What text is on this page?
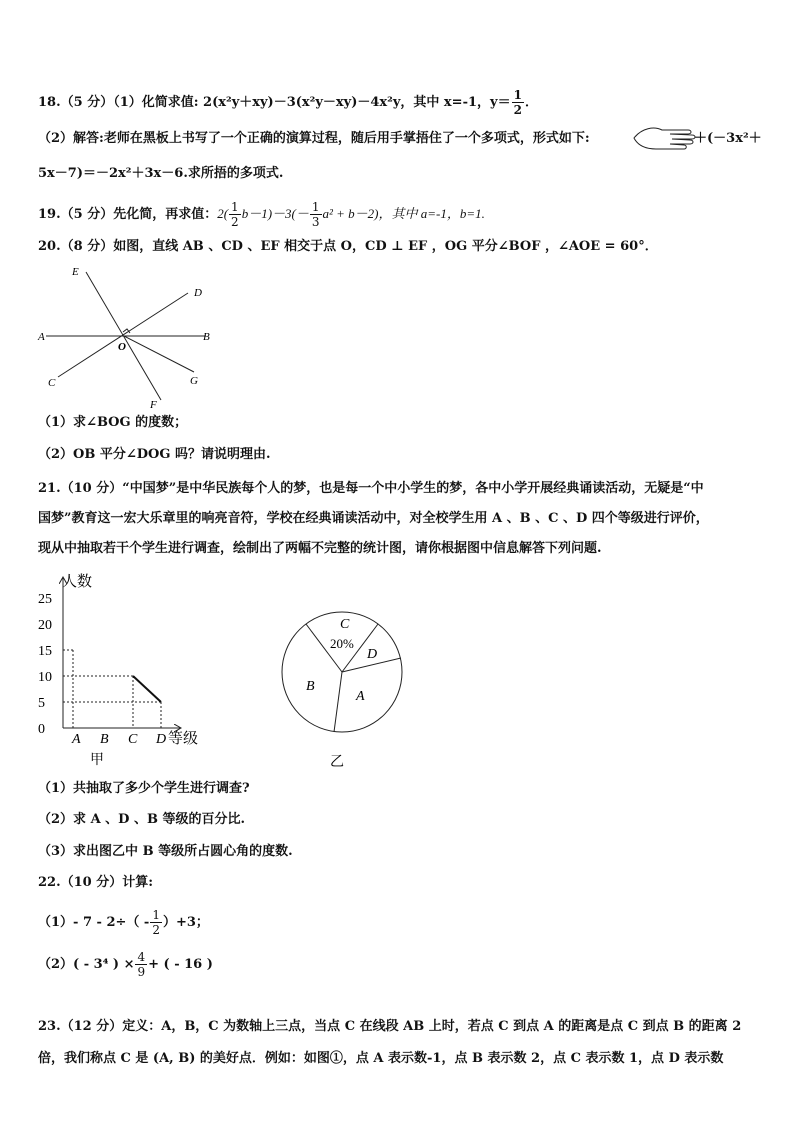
18.（5 分）（1）化简求值: 2(x²y＋xy)－3(x²y－xy)－4x²y，其中 x=-1，$y= \frac{1}{2}$ ．
（2）解答:老师在黑板上书写了一个正确的演算过程，随后用手掌捂住了一个多项式，形式如下:	＋(－3x²＋
5x－7)＝－2x²＋3x－6.求所捂的多项式.
19.（5 分）先化简，再求值：$2( \frac{1}{2} b-1)-3(- \frac{1}{3} a^2 + b-2)$，其中 a=-1，b=1.
20.（8 分）如图，直线 AB 、CD 、EF 相交于点 O，CD ⊥ EF ，OG 平分∠BOF ，∠AOE = 60°．
E
D
A	B
O
C	G
F
（1）求∠BOG 的度数；
（2）OB 平分∠DOG 吗？请说明理由.
21.（10 分）“中国梦”是中华民族每个人的梦，也是每一个中小学生的梦，各中小学开展经典诵读活动，无疑是“中
国梦”教育这一宏大乐章里的响亮音符，学校在经典诵读活动中，对全校学生用 A 、B 、C 、D 四个等级进行评价，
现从中抽取若干个学生进行调查，绘制出了两幅不完整的统计图，请你根据图中信息解答下列问题.
人数
等级
0
5
10
15
20
25
A B C D
甲
C
20%
D
A
B
乙
（1）共抽取了多少个学生进行调查?
（2）求 A 、D 、B 等级的百分比.
（3）求出图乙中 B 等级所占圆心角的度数.
22.（10 分）计算:
（1）- $7 - 2\div( - \frac{1}{2} )+3$；
（2）( - 3⁴ ) × $\frac{4}{9}$ + ( - 16 )
23.（12 分）定义：A，B，C 为数轴上三点，当点 C 在线段 AB 上时，若点 C 到点 A 的距离是点 C 到点 B 的距离 2
倍，我们称点 C 是 (A, B) 的美好点．例如：如图①，点 A 表示数-1，点 B 表示数 2，点 C 表示数 1，点 D 表示数
